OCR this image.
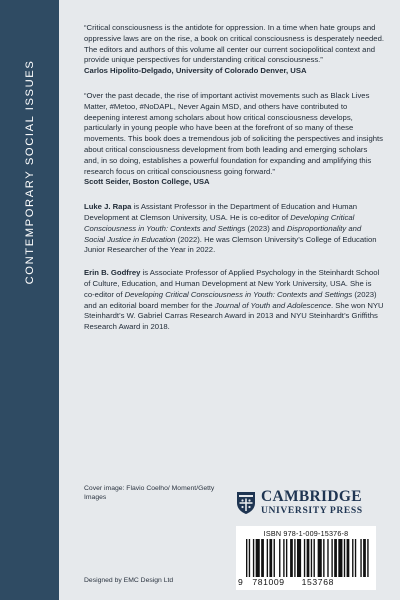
CONTEMPORARY SOCIAL ISSUES

“Critical consciousness is the antidote for oppression. In a time when hate groups and oppressive laws are on the rise, a book on critical consciousness is desperately needed. The editors and authors of this volume all center our current sociopolitical context and provide unique perspectives for understanding critical consciousness.”

Carlos Hipolito-Delgado, University of Colorado Denver, USA

“Over the past decade, the rise of important activist movements such as Black Lives Matter, #Metoo, #NoDAPL, Never Again MSD, and others have contributed to deepening interest among scholars about how critical consciousness develops, particularly in young people who have been at the forefront of so many of these movements. This book does a tremendous job of soliciting the perspectives and insights about critical consciousness development from both leading and emerging scholars and, in so doing, establishes a powerful foundation for expanding and amplifying this research focus on critical consciousness going forward.”

Scott Seider, Boston College, USA

Luke J. Rapa is Assistant Professor in the Department of Education and Human Development at Clemson University, USA. He is co-editor of Developing Critical Consciousness in Youth: Contexts and Settings (2023) and Disproportionality and Social Justice in Education (2022). He was Clemson University’s College of Education Junior Researcher of the Year in 2022.

Erin B. Godfrey is Associate Professor of Applied Psychology in the Steinhardt School of Culture, Education, and Human Development at New York University, USA. She is co-editor of Developing Critical Consciousness in Youth: Contexts and Settings (2023) and an editorial board member for the Journal of Youth and Adolescence. She won NYU Steinhardt’s W. Gabriel Carras Research Award in 2013 and NYU Steinhardt’s Griffiths Research Award in 2018.

Cover image: Flavio Coelho/ Moment/Getty Images
Designed by EMC Design Ltd
CAMBRIDGE
UNIVERSITY PRESS
ISBN 978-1-009-15376-8
9 781009 153768
